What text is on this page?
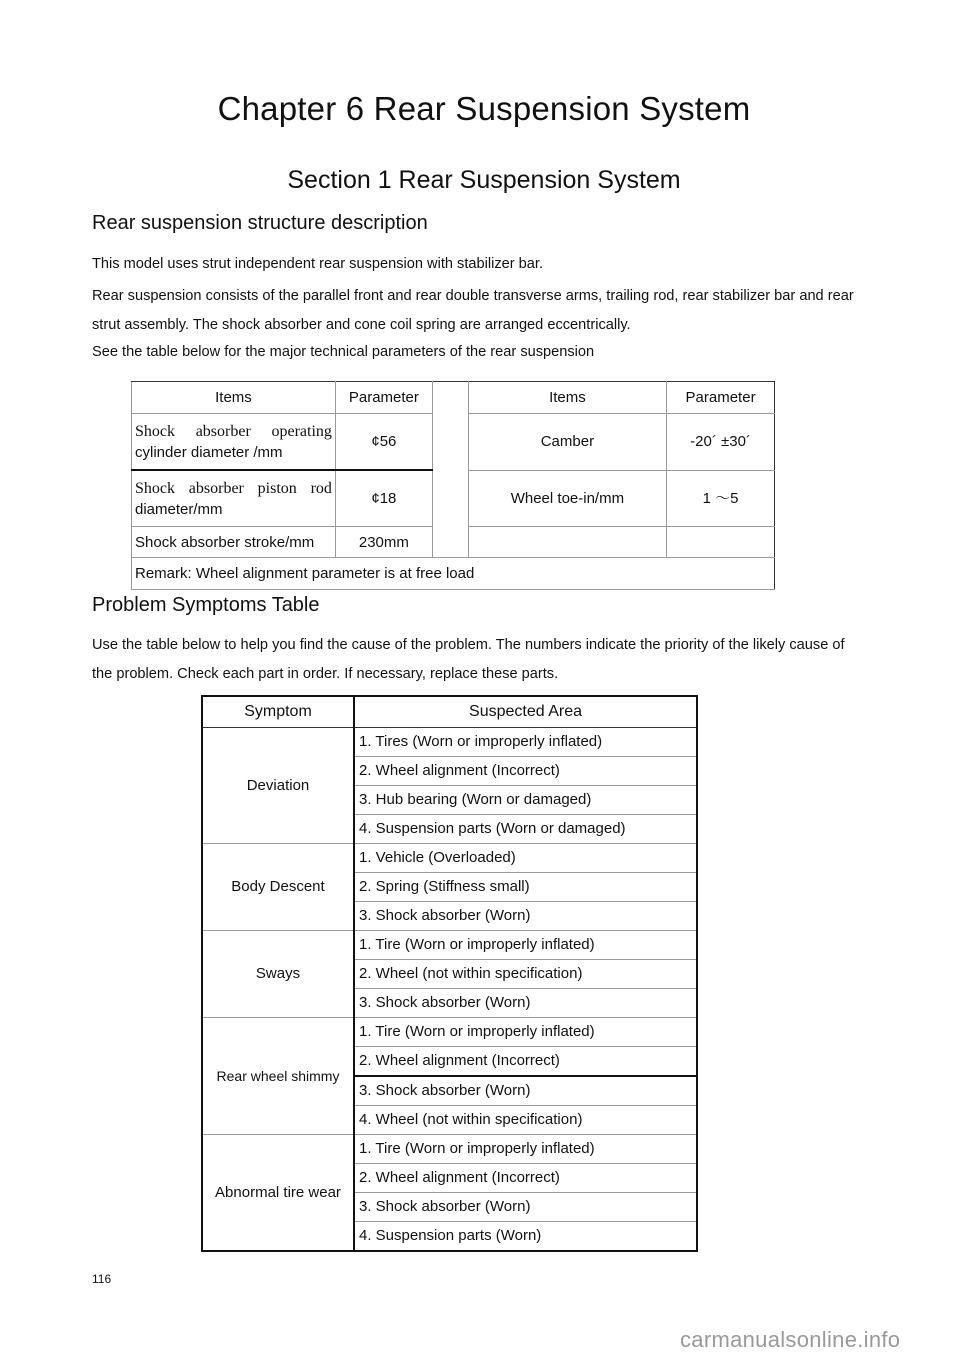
Chapter 6 Rear Suspension System
Section 1 Rear Suspension System
Rear suspension structure description

This model uses strut independent rear suspension with stabilizer bar.

Rear suspension consists of the parallel front and rear double transverse arms, trailing rod, rear stabilizer bar and rear strut assembly. The shock absorber and cone coil spring are arranged eccentrically.

See the table below for the major technical parameters of the rear suspension

Items	Parameter		Items	Parameter

Shock absorber operating
cylinder diameter /mm	¢56		Camber	-20´ ±30´

Shock absorber piston rod
diameter/mm	¢18		Wheel toe-in/mm	1 ～5
Shock absorber stroke/mm	230mm			
Remark: Wheel alignment parameter is at free load				
Problem Symptoms Table

Use the table below to help you find the cause of the problem. The numbers indicate the priority of the likely cause of the problem. Check each part in order. If necessary, replace these parts.

Symptom	Suspected Area
Deviation	1. Tires (Worn or improperly inflated)
	2. Wheel alignment (Incorrect)
	3. Hub bearing (Worn or damaged)
	4. Suspension parts (Worn or damaged)
Body Descent	1. Vehicle (Overloaded)
	2. Spring (Stiffness small)
	3. Shock absorber (Worn)
Sways	1. Tire (Worn or improperly inflated)
	2. Wheel (not within specification)
	3. Shock absorber (Worn)
Rear wheel shimmy	1. Tire (Worn or improperly inflated)
	2. Wheel alignment (Incorrect)
	3. Shock absorber (Worn)
	4. Wheel (not within specification)
Abnormal tire wear	1. Tire (Worn or improperly inflated)
	2. Wheel alignment (Incorrect)
	3. Shock absorber (Worn)
	4. Suspension parts (Worn)
116
carmanualsonline.info
